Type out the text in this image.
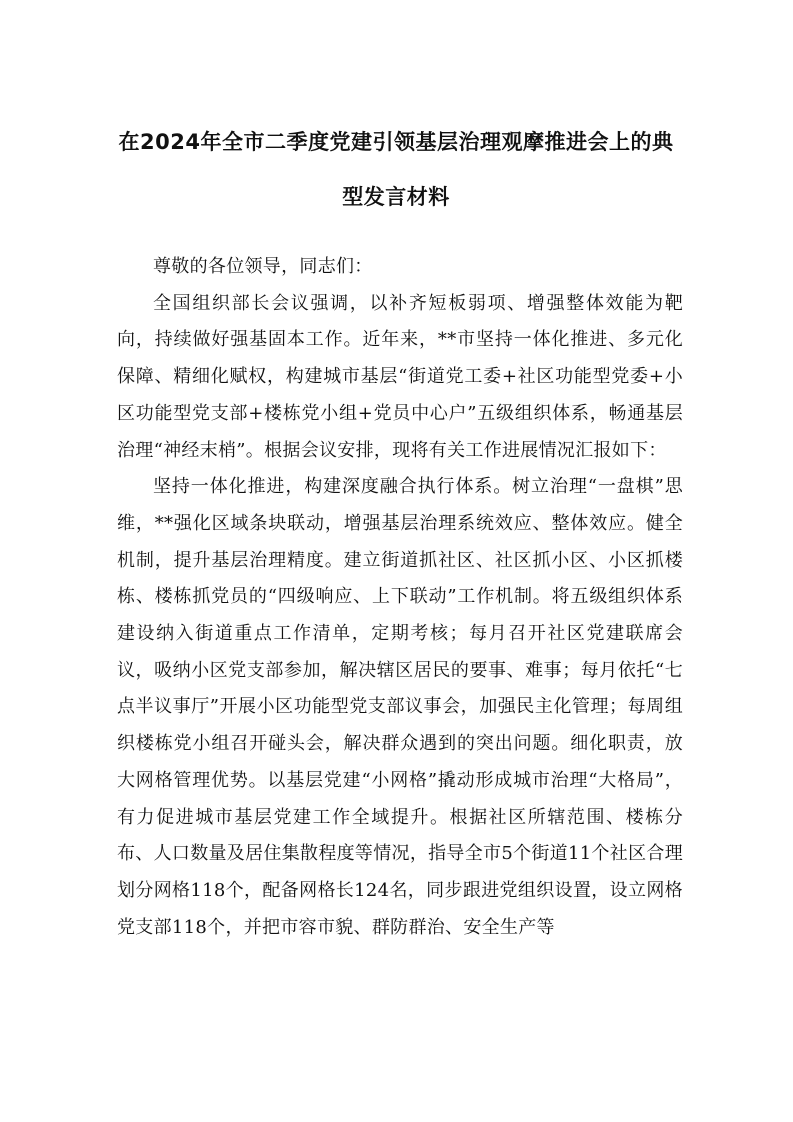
在2024年全市二季度党建引领基层治理观摩推进会上的典
型发言材料

尊敬的各位领导，同志们：

全国组织部长会议强调，以补齐短板弱项、增强整体效能为靶向，持续做好强基固本工作。近年来，**市坚持一体化推进、多元化保障、精细化赋权，构建城市基层“街道党工委+社区功能型党委+小区功能型党支部+楼栋党小组+党员中心户”五级组织体系，畅通基层治理“神经末梢”。根据会议安排，现将有关工作进展情况汇报如下：

坚持一体化推进，构建深度融合执行体系。树立治理“一盘棋”思维，**强化区域条块联动，增强基层治理系统效应、整体效应。健全机制，提升基层治理精度。建立街道抓社区、社区抓小区、小区抓楼栋、楼栋抓党员的“四级响应、上下联动”工作机制。将五级组织体系建设纳入街道重点工作清单，定期考核；每月召开社区党建联席会议，吸纳小区党支部参加，解决辖区居民的要事、难事；每月依托“七点半议事厅”开展小区功能型党支部议事会，加强民主化管理；每周组织楼栋党小组召开碰头会，解决群众遇到的突出问题。细化职责，放大网格管理优势。以基层党建“小网格”撬动形成城市治理“大格局”，有力促进城市基层党建工作全域提升。根据社区所辖范围、楼栋分布、人口数量及居住集散程度等情况，指导全市5个街道11个社区合理划分网格118个，配备网格长124名，同步跟进党组织设置，设立网格党支部118个，并把市容市貌、群防群治、安全生产等
